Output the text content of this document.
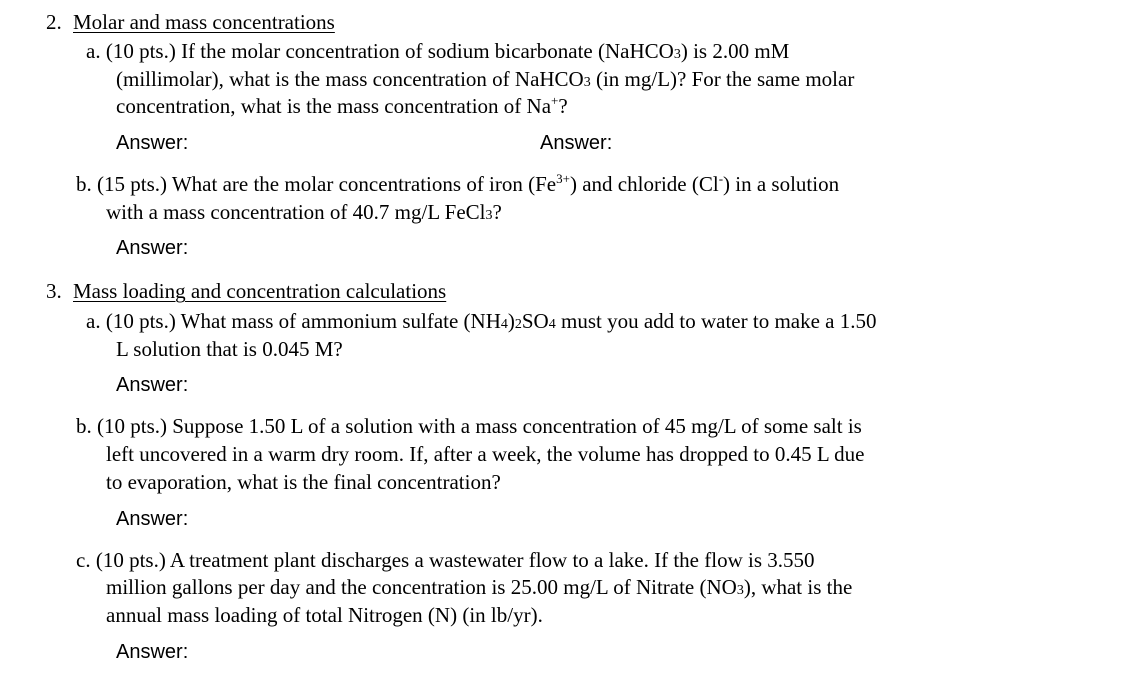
2. Molar and mass concentrations
a. (10 pts.) If the molar concentration of sodium bicarbonate (NaHCO3) is 2.00 mM
(millimolar), what is the mass concentration of NaHCO3 (in mg/L)? For the same molar
concentration, what is the mass concentration of Na+?
Answer:	Answer:
b. (15 pts.) What are the molar concentrations of iron $(Fe^{3+})$ and chloride (Cl-) in a solution
with a mass concentration of 40.7 mg/L FeCl3?
Answer:
3. Mass loading and concentration calculations
a. (10 pts.) What mass of ammonium sulfate (NH4)2SO4 must you add to water to make a 1.50
L solution that is 0.045 M?
Answer:
b. (10 pts.) Suppose 1.50 L of a solution with a mass concentration of 45 mg/L of some salt is
left uncovered in a warm dry room. If, after a week, the volume has dropped to 0.45 L due
to evaporation, what is the final concentration?
Answer:
c. (10 pts.) A treatment plant discharges a wastewater flow to a lake. If the flow is 3.550
million gallons per day and the concentration is 25.00 mg/L of Nitrate (NO3), what is the
annual mass loading of total Nitrogen (N) (in lb/yr).
Answer:
